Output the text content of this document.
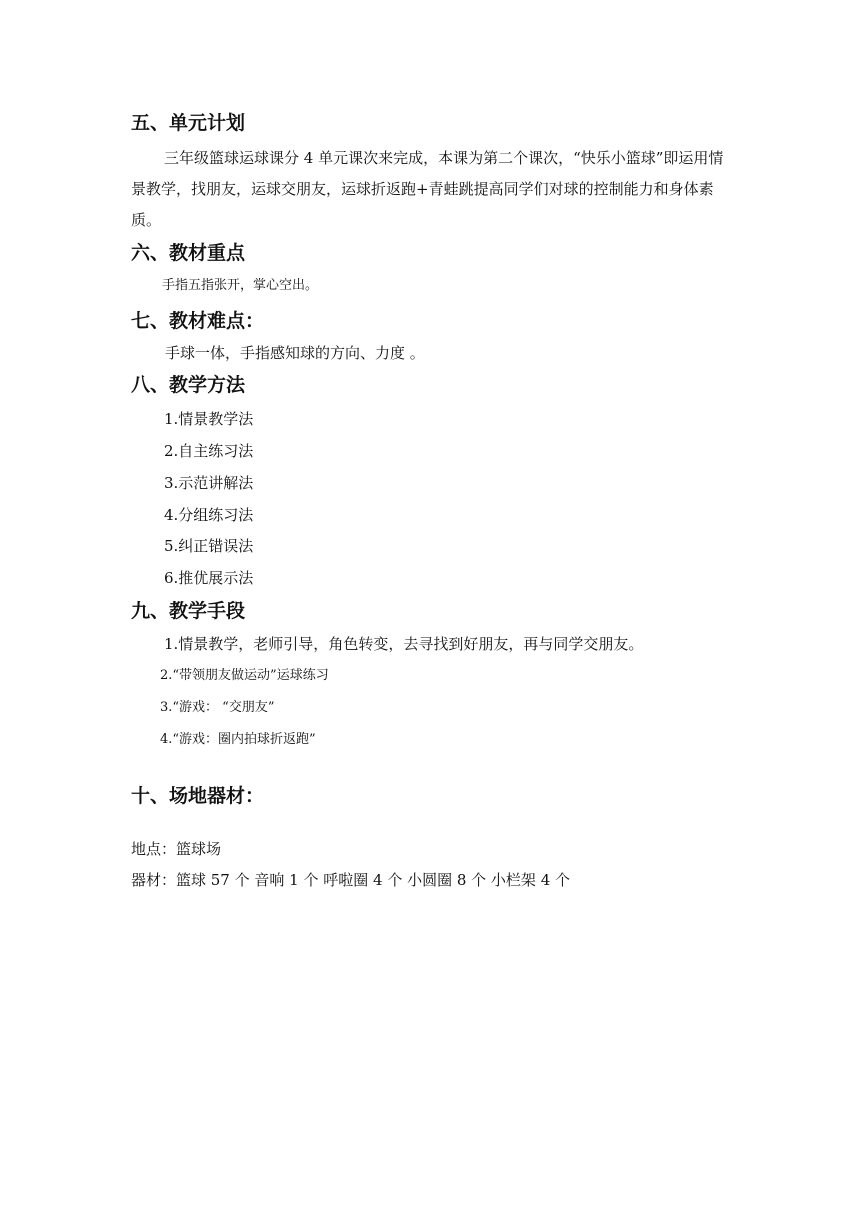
五、单元计划
三年级篮球运球课分 4 单元课次来完成，本课为第二个课次，“快乐小篮球”即运用情景教学，找朋友，运球交朋友，运球折返跑+青蛙跳提高同学们对球的控制能力和身体素质。
六、教材重点
手指五指张开，掌心空出。
七、教材难点：
手球一体，手指感知球的方向、力度 。
八、教学方法
1.情景教学法
2.自主练习法
3.示范讲解法
4.分组练习法
5.纠正错误法
6.推优展示法
九、教学手段
1.情景教学，老师引导，角色转变，去寻找到好朋友，再与同学交朋友。
2.“带领朋友做运动”运球练习
3.“游戏： “交朋友”
4.“游戏：圈内拍球折返跑”
十、场地器材：
地点：篮球场
器材：篮球 57 个 音响 1 个 呼啦圈 4 个 小圆圈 8 个 小栏架 4 个
